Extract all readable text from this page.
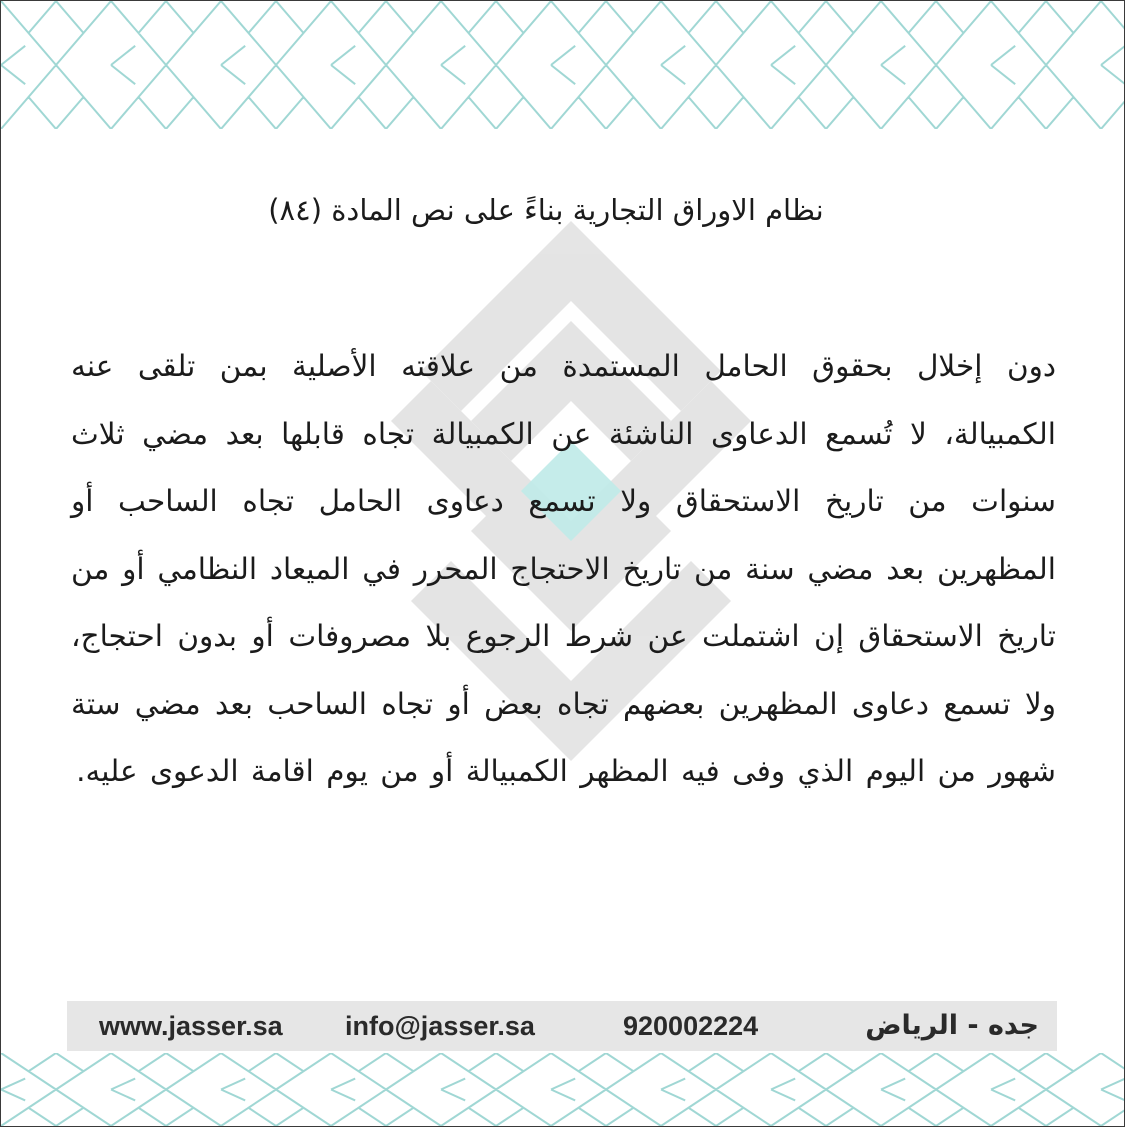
نظام الاوراق التجارية بناءً على نص المادة (٨٤)

دون إخلال بحقوق الحامل المستمدة من علاقته الأصلية بمن تلقى عنه الكمبيالة، لا تُسمع الدعاوى الناشئة عن الكمبيالة تجاه قابلها بعد مضي ثلاث سنوات من تاريخ الاستحقاق ولا تسمع دعاوى الحامل تجاه الساحب أو المظهرين بعد مضي سنة من تاريخ الاحتجاج المحرر في الميعاد النظامي أو من تاريخ الاستحقاق إن اشتملت عن شرط الرجوع بلا مصروفات أو بدون احتجاج، ولا تسمع دعاوى المظهرين بعضهم تجاه بعض أو تجاه الساحب بعد مضي ستة شهور من اليوم الذي وفى فيه المظهر الكمبيالة أو من يوم اقامة الدعوى عليه.

www.jasser.sa info@jasser.sa	920002224	جده - الرياض
